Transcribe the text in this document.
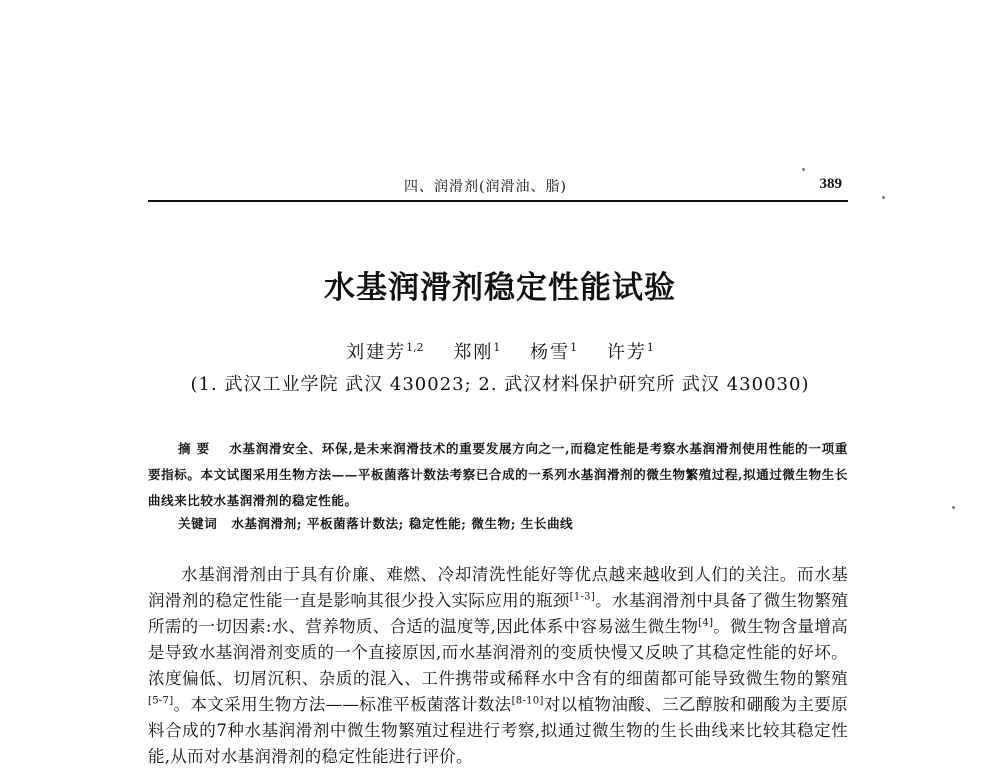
四、润滑剂(润滑油、脂)	389
水基润滑剂稳定性能试验
刘建芳$^{1,2}$ 郑刚$^1$ 杨雪$^1$ 许芳$^1$
(1. 武汉工业学院 武汉 430023; 2. 武汉材料保护研究所 武汉 430030)
摘要 水基润滑安全、环保,是未来润滑技术的重要发展方向之一,而稳定性能是考察水基润滑剂使用性能的一项重要指标。本文试图采用生物方法——平板菌落计数法考察已合成的一系列水基润滑剂的微生物繁殖过程,拟通过微生物生长曲线来比较水基润滑剂的稳定性能。
关键词 水基润滑剂; 平板菌落计数法; 稳定性能; 微生物; 生长曲线
水基润滑剂由于具有价廉、难燃、冷却清洗性能好等优点越来越收到人们的关注。而水基润滑剂的稳定性能一直是影响其很少投入实际应用的瓶颈[1-3]。水基润滑剂中具备了微生物繁殖所需的一切因素:水、营养物质、合适的温度等,因此体系中容易滋生微生物[4]。微生物含量增高是导致水基润滑剂变质的一个直接原因,而水基润滑剂的变质快慢又反映了其稳定性能的好坏。浓度偏低、切屑沉积、杂质的混入、工件携带或稀释水中含有的细菌都可能导致微生物的繁殖[5-7]。本文采用生物方法——标准平板菌落计数法[8-10]对以植物油酸、三乙醇胺和硼酸为主要原料合成的7种水基润滑剂中微生物繁殖过程进行考察,拟通过微生物的生长曲线来比较其稳定性能,从而对水基润滑剂的稳定性能进行评价。
